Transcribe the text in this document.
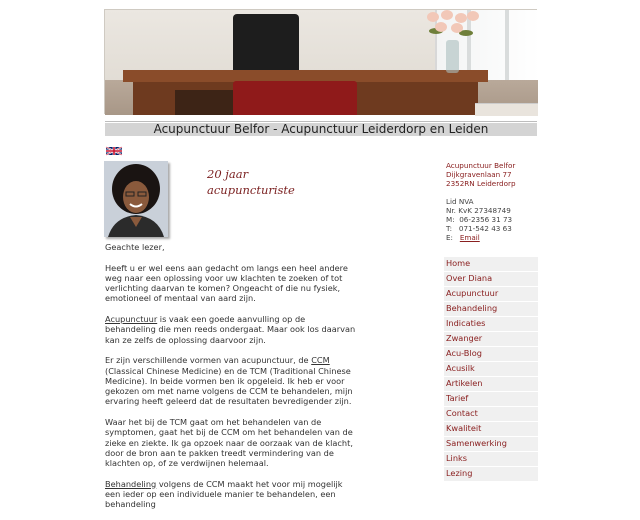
Acupunctuur Belfor - Acupunctuur Leiderdorp en Leiden
20 jaar
acupuncturiste

Geachte lezer,

Heeft u er wel eens aan gedacht om langs een heel andere weg naar een oplossing voor uw klachten te zoeken of tot verlichting daarvan te komen? Ongeacht of die nu fysiek, emotioneel of mentaal van aard zijn.

Acupunctuur is vaak een goede aanvulling op de behandeling die men reeds ondergaat. Maar ook los daarvan kan ze zelfs de oplossing daarvoor zijn.

Er zijn verschillende vormen van acupunctuur, de CCM (Classical Chinese Medicine) en de TCM (Traditional Chinese Medicine). In beide vormen ben ik opgeleid. Ik heb er voor gekozen om met name volgens de CCM te behandelen, mijn ervaring heeft geleerd dat de resultaten bevredigender zijn.

Waar het bij de TCM gaat om het behandelen van de symptomen, gaat het bij de CCM om het behandelen van de zieke en ziekte. Ik ga opzoek naar de oorzaak van de klacht, door de bron aan te pakken treedt vermindering van de klachten op, of ze verdwijnen helemaal.

Behandeling volgens de CCM maakt het voor mij mogelijk een ieder op een individuele manier te behandelen, een behandeling

Acupunctuur Belfor
Dijkgravenlaan 77
2352RN Leiderdorp
Lid NVA
Nr. KvK 27348749
M: 06-2356 31 73
T: 071-542 43 63
E: Email
Home
Over Diana
Acupunctuur
Behandeling
Indicaties
Zwanger
Acu-Blog
Acusilk
Artikelen
Tarief
Contact
Kwaliteit
Samenwerking
Links
Lezing
